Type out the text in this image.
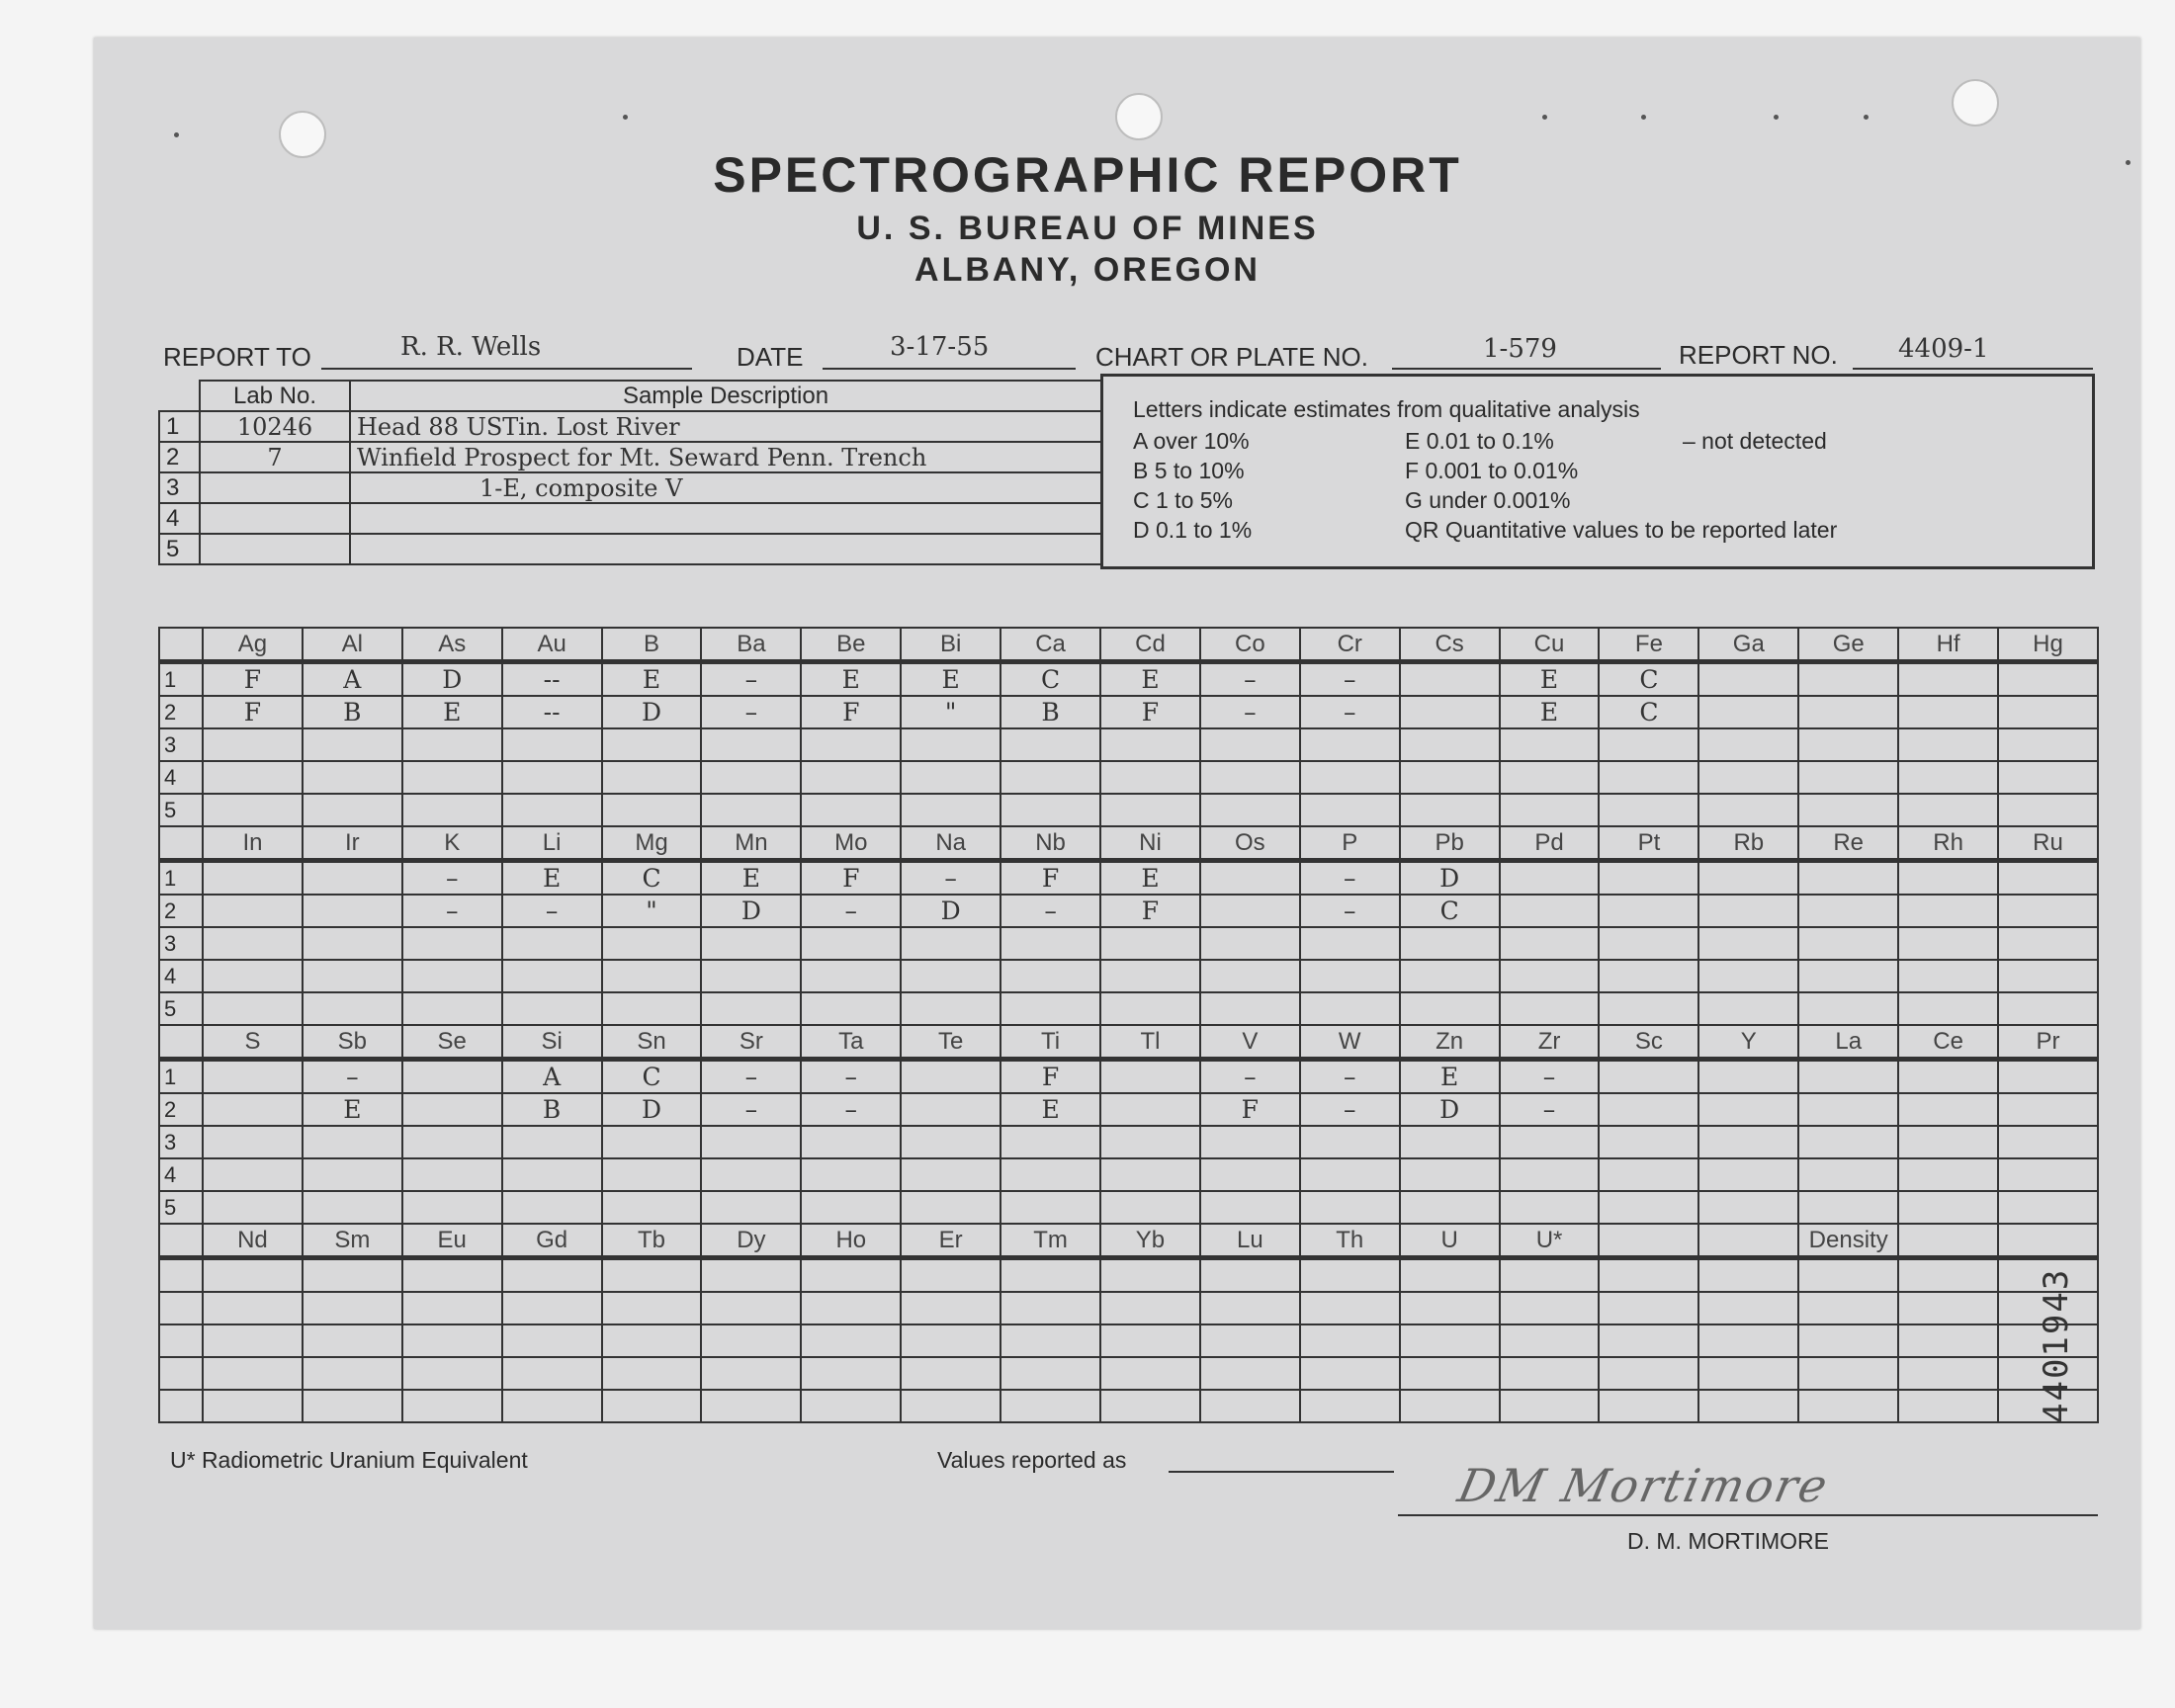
SPECTROGRAPHIC REPORT
U. S. BUREAU OF MINES
ALBANY, OREGON
REPORT TO	R. R. Wells	DATE	3-17-55	CHART OR PLATE NO.	1-579	REPORT NO. 4409-1
	Lab No.	Sample Description
1	10246	Head 88 USTin. Lost River
2	7	Winfield Prospect for Mt. Seward Penn. Trench
3		1-E, composite V
4		
5		
Letters indicate estimates from qualitative analysis
A over 10%
B 5 to 10%
C 1 to 5%
D 0.1 to 1%
E 0.01 to 0.1%
F 0.001 to 0.01%
G under 0.001%
QR Quantitative values to be reported later
– not detected
	Ag	Al	As	Au	B	Ba	Be	Bi	Ca	Cd	Co	Cr	Cs	Cu	Fe	Ga	Ge	Hf	Hg
1	F	A	D	--	E	–	E	E	C	E	–	–		E	C				
2	F	B	E	--	D	–	F	"	B	F	–	–		E	C				
3																			
4																			
5																			
	In	Ir	K	Li	Mg	Mn	Mo	Na	Nb	Ni	Os	P	Pb	Pd	Pt	Rb	Re	Rh	Ru
1			–	E	C	E	F	–	F	E		–	D						
2			–	–	"	D	–	D	–	F		–	C						
3																			
4																			
5																			
	S	Sb	Se	Si	Sn	Sr	Ta	Te	Ti	Tl	V	W	Zn	Zr	Sc	Y	La	Ce	Pr
1		–		A	C	–	–		F		–	–	E	–					
2		E		B	D	–	–		E		F	–	D	–					
3																			
4																			
5																			
	Nd	Sm	Eu	Gd	Tb	Dy	Ho	Er	Tm	Yb	Lu	Th	U	U*			Density		

U* Radiometric Uranium Equivalent	Values reported as	DM Mortimore
D. M. MORTIMORE
4401943
